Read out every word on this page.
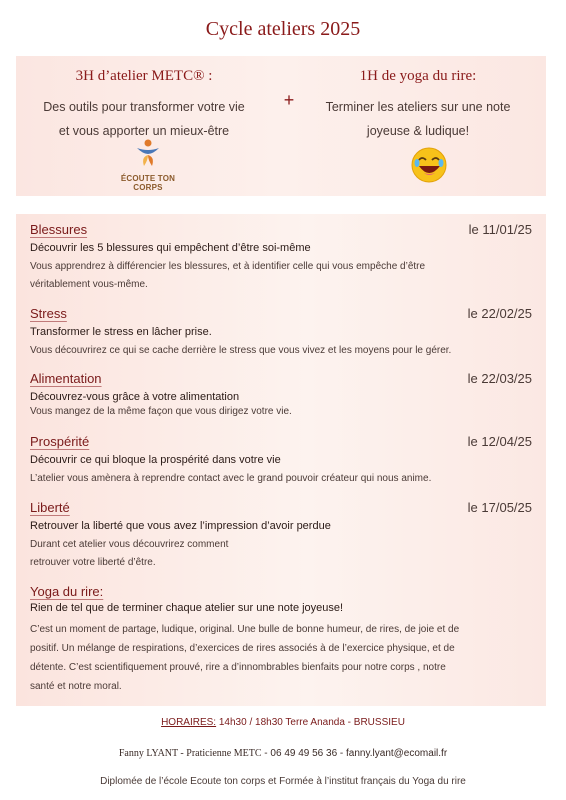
Cycle ateliers 2025
3H d’atelier METC® :
Des outils pour transformer votre vie
et vous apporter un mieux-être
+
1H de yoga du rire:
Terminer les ateliers sur une note
joyeuse & ludique!
ÉCOUTE TON CORPS
Blessures	le 11/01/25
Découvrir les 5 blessures qui empêchent d’être soi-même
Vous apprendrez à différencier les blessures, et à identifier celle qui vous empêche d’être
véritablement vous-même.
Stress	le 22/02/25
Transformer le stress en lâcher prise.
Vous découvrirez ce qui se cache derrière le stress que vous vivez et les moyens pour le gérer.
Alimentation	le 22/03/25
Découvrez-vous grâce à votre alimentation
Vous mangez de la même façon que vous dirigez votre vie.
Prospérité	le 12/04/25
Découvrir ce qui bloque la prospérité dans votre vie
L’atelier vous amènera à reprendre contact avec le grand pouvoir créateur qui nous anime.
Liberté	le 17/05/25
Retrouver la liberté que vous avez l’impression d’avoir perdue
Durant cet atelier vous découvrirez comment
retrouver votre liberté d’être.
Yoga du rire:
Rien de tel que de terminer chaque atelier sur une note joyeuse!
C’est un moment de partage, ludique, original. Une bulle de bonne humeur, de rires, de joie et de
positif. Un mélange de respirations, d’exercices de rires associés à de l’exercice physique, et de
détente. C’est scientifiquement prouvé, rire a d’innombrables bienfaits pour notre corps , notre
santé et notre moral.
HORAIRES: 14h30 / 18h30 Terre Ananda - BRUSSIEU
Fanny LYANT - Praticienne METC - 06 49 49 56 36 - fanny.lyant@ecomail.fr
Diplomée de l’école Ecoute ton corps et Formée à l’institut français du Yoga du rire
